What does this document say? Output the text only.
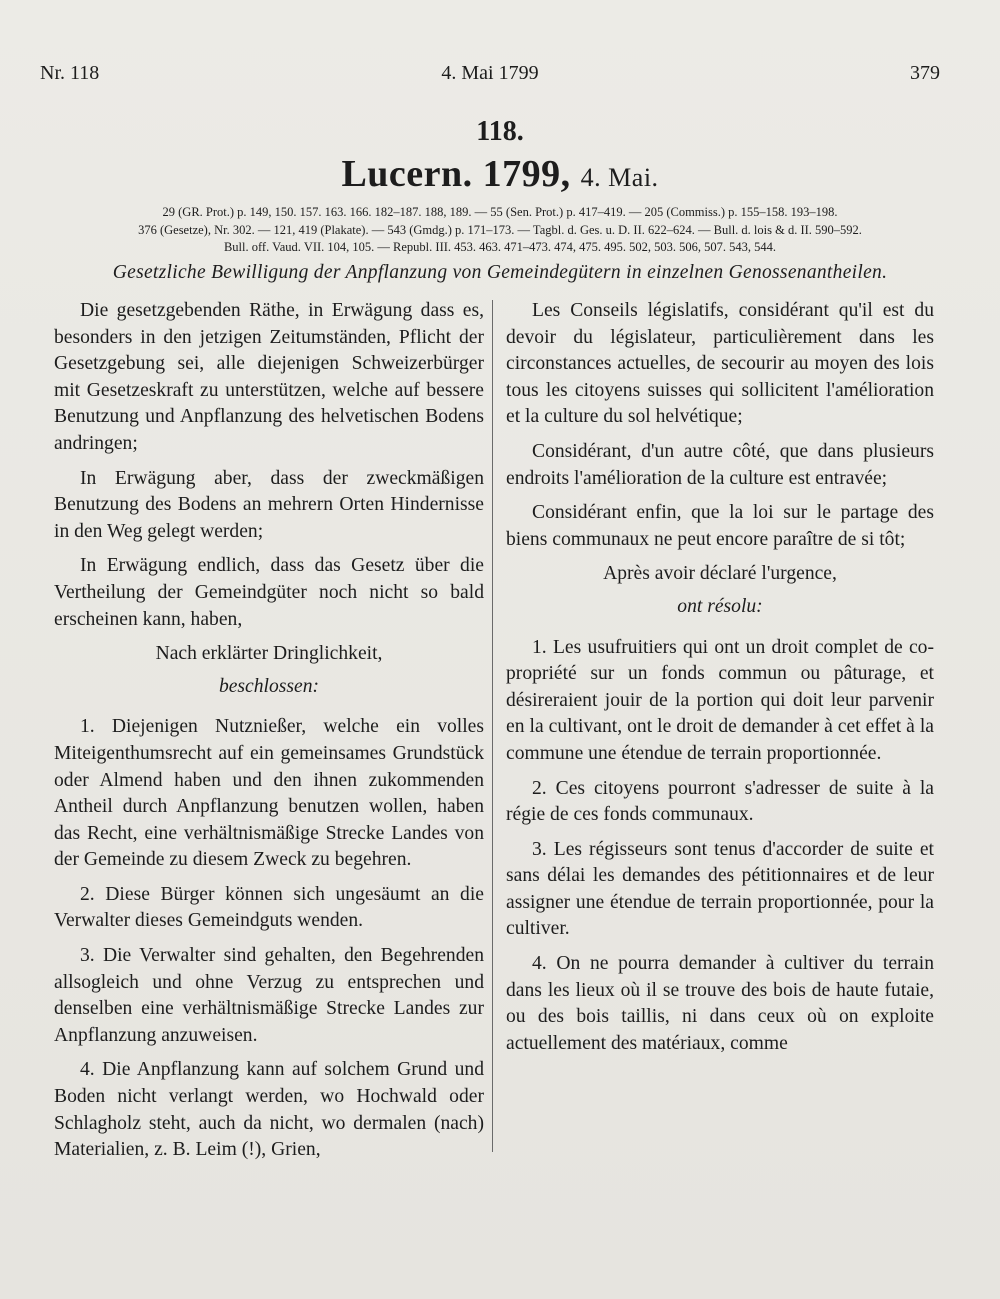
Nr. 118	4. Mai 1799	379
118.
Lucern. 1799, 4. Mai.
29 (GR. Prot.) p. 149, 150. 157. 163. 166. 182–187. 188, 189. — 55 (Sen. Prot.) p. 417–419. — 205 (Commiss.) p. 155–158. 193–198.
376 (Gesetze), Nr. 302. — 121, 419 (Plakate). — 543 (Gmdg.) p. 171–173. — Tagbl. d. Ges. u. D. II. 622–624. — Bull. d. lois & d. II. 590–592.
Bull. off. Vaud. VII. 104, 105. — Republ. III. 453. 463. 471–473. 474, 475. 495. 502, 503. 506, 507. 543, 544.
Gesetzliche Bewilligung der Anpflanzung von Gemeindegütern in einzelnen Genossenantheilen.

Die gesetzgebenden Räthe, in Erwägung dass es, besonders in den jetzigen Zeitumständen, Pflicht der Gesetzgebung sei, alle diejenigen Schweizerbürger mit Gesetzeskraft zu unterstützen, welche auf bessere Benutzung und Anpflanzung des helvetischen Bodens andringen;

In Erwägung aber, dass der zweckmäßigen Benutzung des Bodens an mehrern Orten Hindernisse in den Weg gelegt werden;

In Erwägung endlich, dass das Gesetz über die Vertheilung der Gemeindgüter noch nicht so bald erscheinen kann, haben,

Nach erklärter Dringlichkeit,

beschlossen:

1. Diejenigen Nutznießer, welche ein volles Miteigenthumsrecht auf ein gemeinsames Grundstück oder Almend haben und den ihnen zukommenden Antheil durch Anpflanzung benutzen wollen, haben das Recht, eine verhältnismäßige Strecke Landes von der Gemeinde zu diesem Zweck zu begehren.

2. Diese Bürger können sich ungesäumt an die Verwalter dieses Gemeindguts wenden.

3. Die Verwalter sind gehalten, den Begehrenden allsogleich und ohne Verzug zu entsprechen und denselben eine verhältnismäßige Strecke Landes zur Anpflanzung anzuweisen.

4. Die Anpflanzung kann auf solchem Grund und Boden nicht verlangt werden, wo Hochwald oder Schlagholz steht, auch da nicht, wo dermalen (nach) Materialien, z. B. Leim (!), Grien,

Les Conseils législatifs, considérant qu'il est du devoir du législateur, particulièrement dans les circonstances actuelles, de secourir au moyen des lois tous les citoyens suisses qui sollicitent l'amélioration et la culture du sol helvétique;

Considérant, d'un autre côté, que dans plusieurs endroits l'amélioration de la culture est entravée;

Considérant enfin, que la loi sur le partage des biens communaux ne peut encore paraître de si tôt;

Après avoir déclaré l'urgence,

ont résolu:

1. Les usufruitiers qui ont un droit complet de co-propriété sur un fonds commun ou pâturage, et désireraient jouir de la portion qui doit leur parvenir en la cultivant, ont le droit de demander à cet effet à la commune une étendue de terrain proportionnée.

2. Ces citoyens pourront s'adresser de suite à la régie de ces fonds communaux.

3. Les régisseurs sont tenus d'accorder de suite et sans délai les demandes des pétitionnaires et de leur assigner une étendue de terrain proportionnée, pour la cultiver.

4. On ne pourra demander à cultiver du terrain dans les lieux où il se trouve des bois de haute futaie, ou des bois taillis, ni dans ceux où on exploite actuellement des matériaux, comme
